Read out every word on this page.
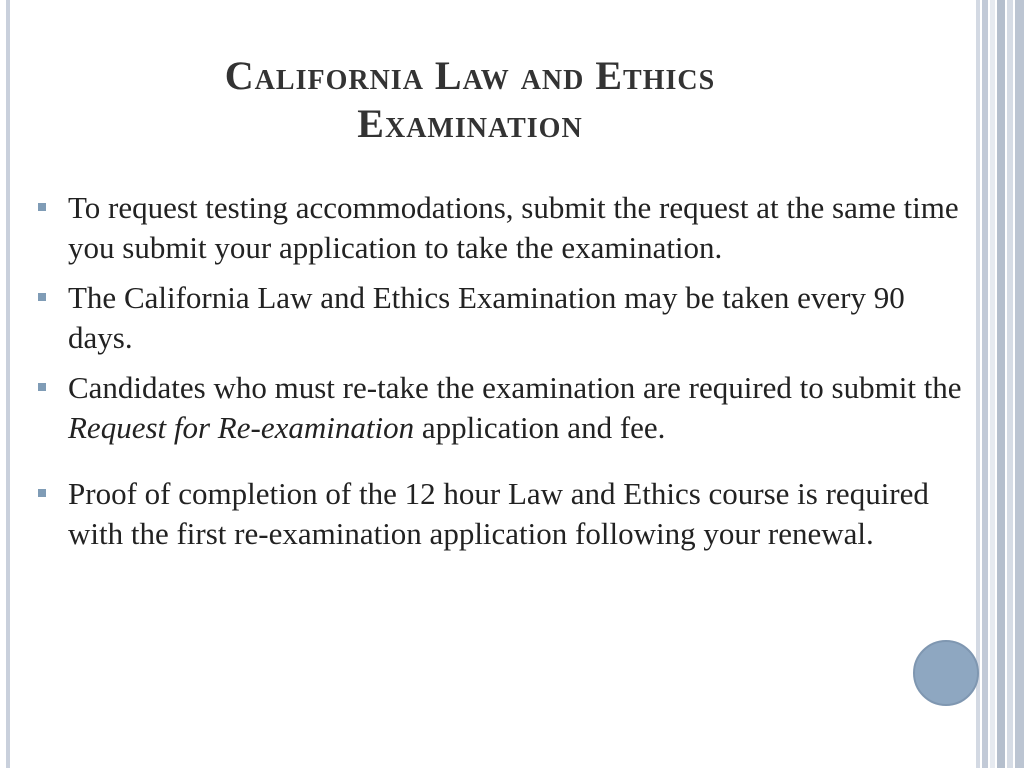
California Law and Ethics
Examination
To request testing accommodations, submit the request at the same time you submit your application to take the examination.
The California Law and Ethics Examination may be taken every 90 days.
Candidates who must re-take the examination are required to submit the Request for Re-examination application and fee.
Proof of completion of the 12 hour Law and Ethics course is required with the first re-examination application following your renewal.
